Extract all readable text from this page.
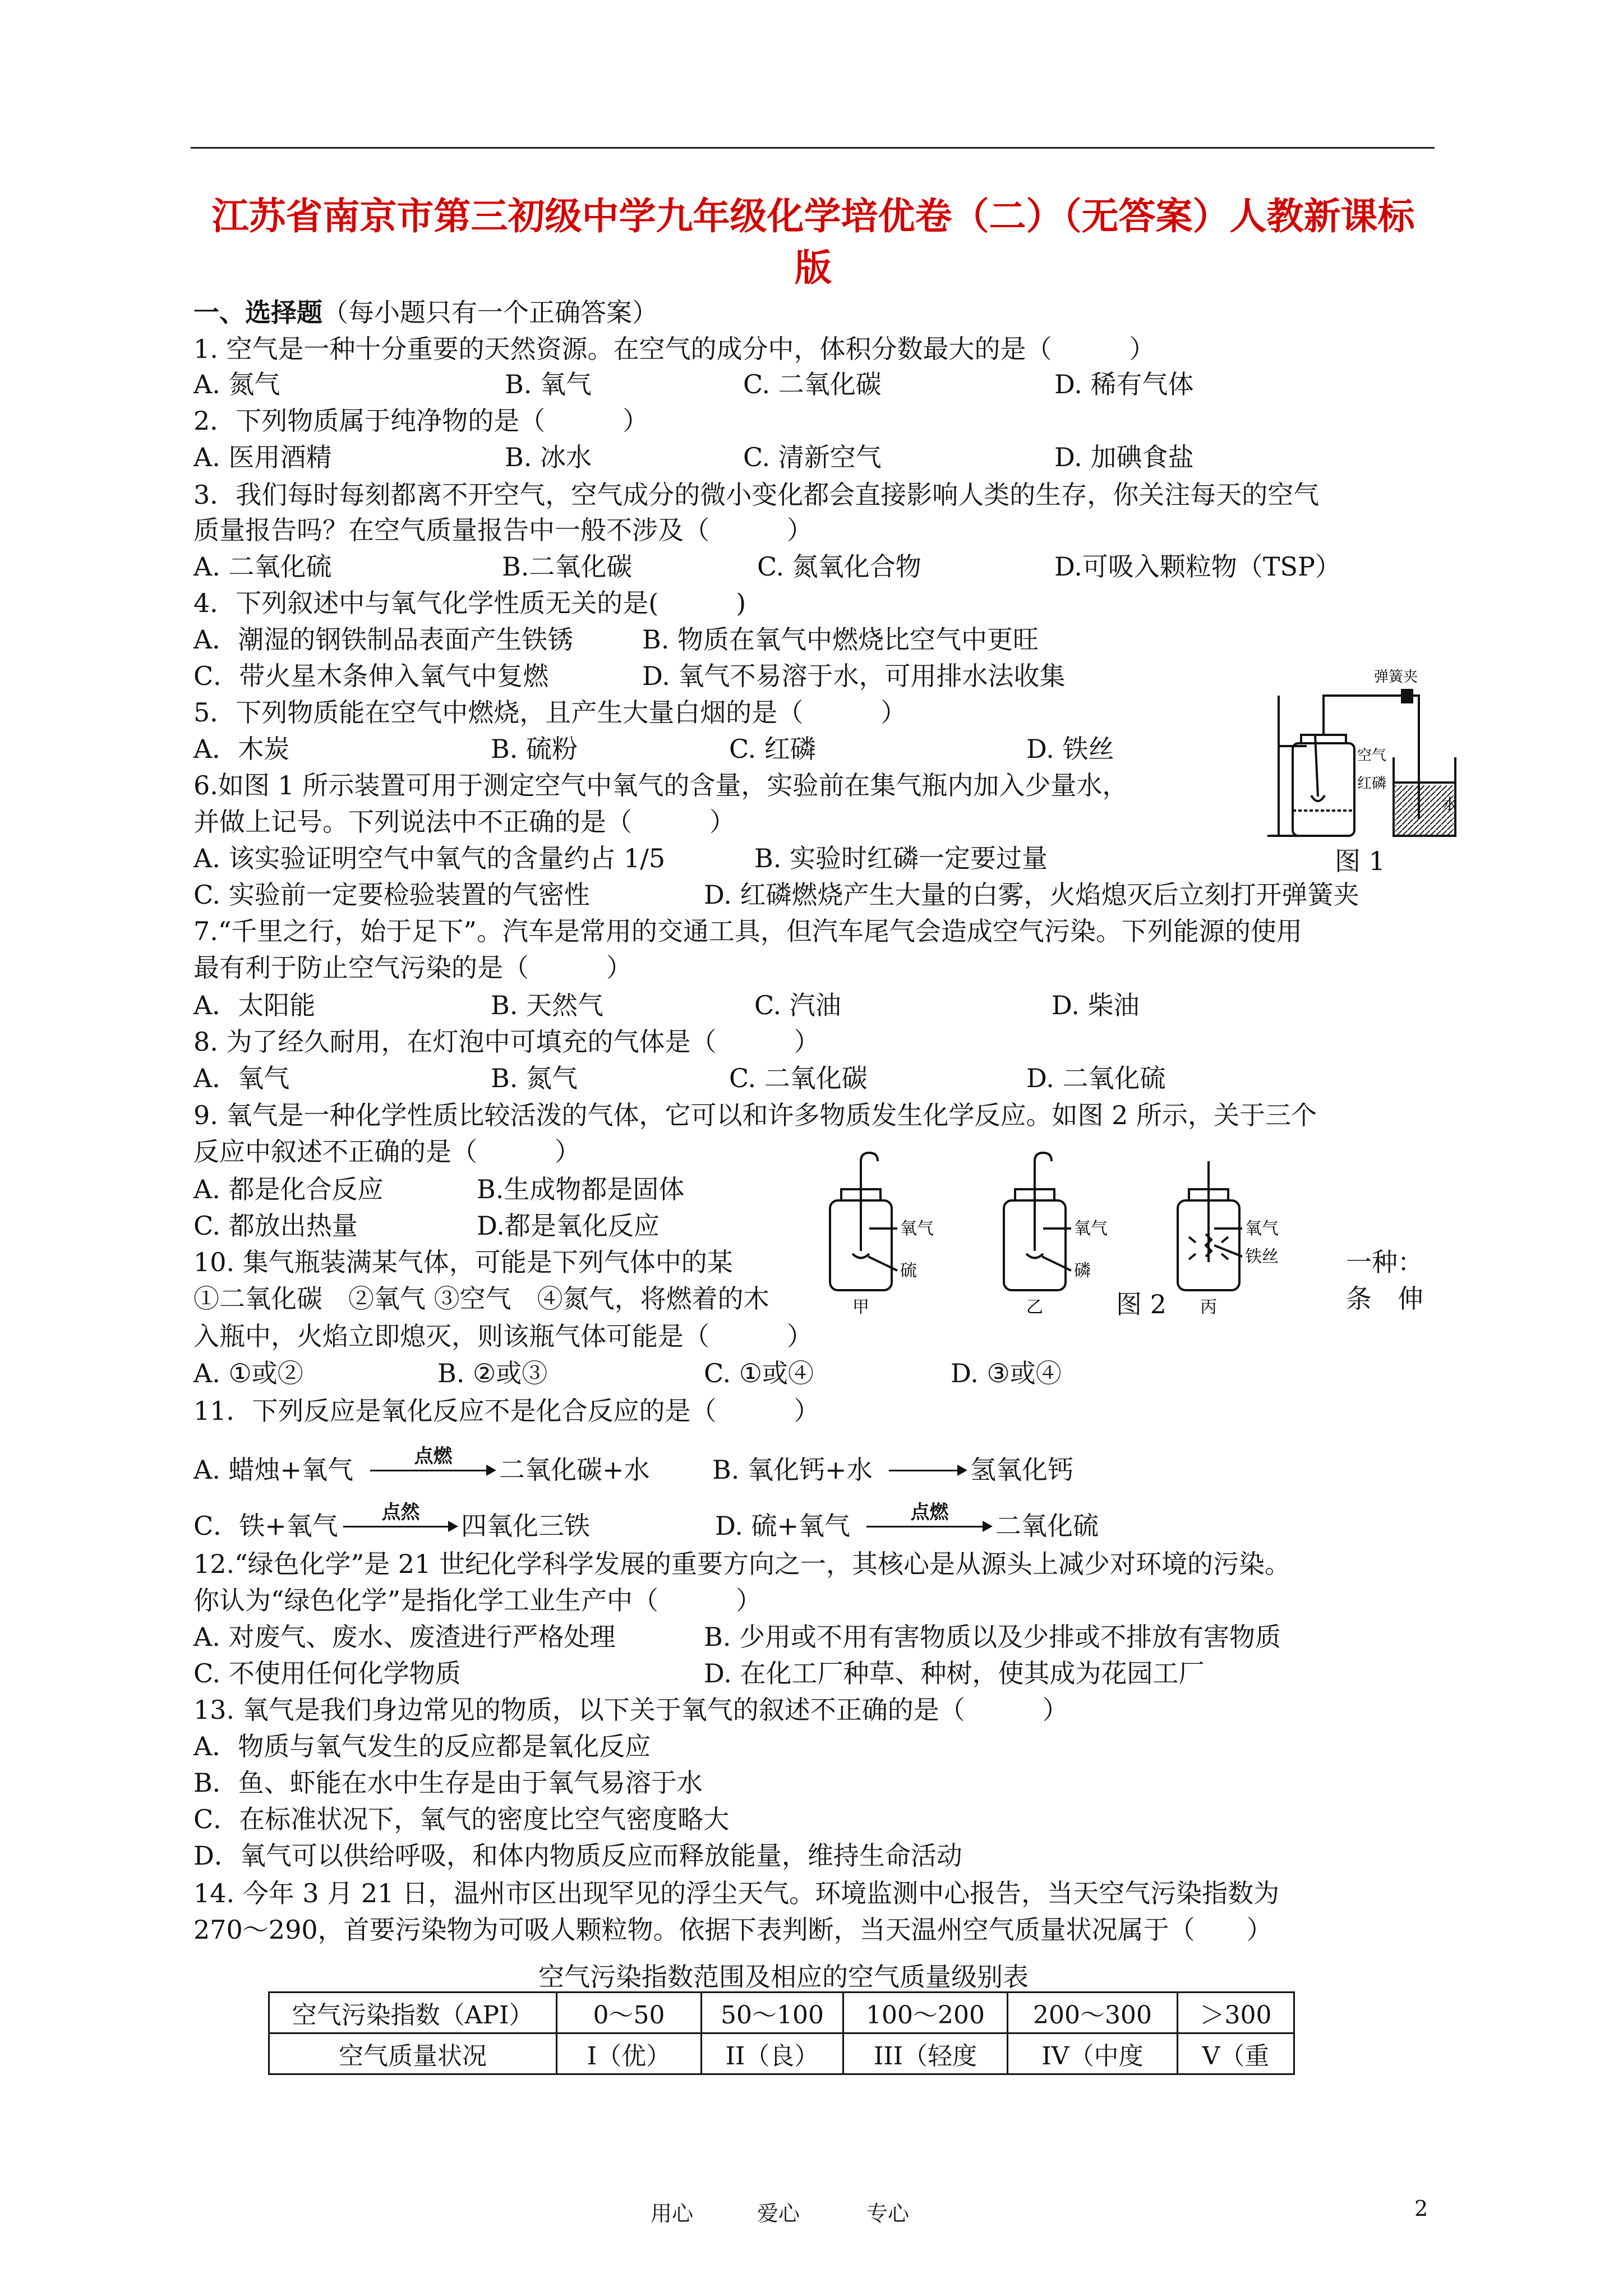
江苏省南京市第三初级中学九年级化学培优卷（二）（无答案）人教新课标
版
一、选择题（每小题只有一个正确答案）
1. 空气是一种十分重要的天然资源。在空气的成分中，体积分数最大的是（　　　）
A. 氮气	B. 氧气	C. 二氧化碳	D. 稀有气体
2．下列物质属于纯净物的是（　　　）
A. 医用酒精	B. 冰水	C. 清新空气	D. 加碘食盐
3．我们每时每刻都离不开空气，空气成分的微小变化都会直接影响人类的生存，你关注每天的空气
质量报告吗？在空气质量报告中一般不涉及（　　　）
A. 二氧化硫	B.二氧化碳	C. 氮氧化合物	D.可吸入颗粒物（TSP）
4．下列叙述中与氧气化学性质无关的是(　　　)
A．潮湿的钢铁制品表面产生铁锈	B. 物质在氧气中燃烧比空气中更旺
C．带火星木条伸入氧气中复燃	D. 氧气不易溶于水，可用排水法收集
5．下列物质能在空气中燃烧，且产生大量白烟的是（　　　）
A．木炭	B. 硫粉	C. 红磷	D. 铁丝
弹簧夹
空气
红磷
水
6.如图 1 所示装置可用于测定空气中氧气的含量，实验前在集气瓶内加入少量水，
并做上记号。下列说法中不正确的是（　　　）
A. 该实验证明空气中氧气的含量约占 1/5	B. 实验时红磷一定要过量	图 1
C. 实验前一定要检验装置的气密性	D. 红磷燃烧产生大量的白雾，火焰熄灭后立刻打开弹簧夹
7.“千里之行，始于足下”。汽车是常用的交通工具，但汽车尾气会造成空气污染。下列能源的使用
最有利于防止空气污染的是（　　　）
A．太阳能	B. 天然气	C. 汽油	D. 柴油
8. 为了经久耐用，在灯泡中可填充的气体是（　　　）
A．氧气	B. 氮气	C. 二氧化碳	D. 二氧化硫
9. 氧气是一种化学性质比较活泼的气体，它可以和许多物质发生化学反应。如图 2 所示，关于三个
反应中叙述不正确的是（　　　）
A. 都是化合反应	B.生成物都是固体
C. 都放出热量	D.都是氧化反应	氧气
硫
甲
氧气
磷
乙
氧气
铁丝
丙
10. 集气瓶装满某气体，可能是下列气体中的某	一种：
①二氧化碳　②氧气 ③空气　④氮气，将燃着的木	图 2	条　伸
入瓶中，火焰立即熄灭，则该瓶气体可能是（　　　）
A. ①或②	B. ②或③	C. ①或④	D. ③或④
11．下列反应是氧化反应不是化合反应的是（　　　）
A. 蜡烛+氧气	点燃	二氧化碳+水 B. 氧化钙+水	氢氧化钙
C．铁+氧气	点然	四氧化三铁	D. 硫+氧气	点燃	二氧化硫
12.“绿色化学”是 21 世纪化学科学发展的重要方向之一，其核心是从源头上减少对环境的污染。
你认为“绿色化学”是指化学工业生产中（　　　）
A. 对废气、废水、废渣进行严格处理	B. 少用或不用有害物质以及少排或不排放有害物质
C. 不使用任何化学物质	D. 在化工厂种草、种树，使其成为花园工厂
13. 氧气是我们身边常见的物质，以下关于氧气的叙述不正确的是（　　　）
A．物质与氧气发生的反应都是氧化反应
B．鱼、虾能在水中生存是由于氧气易溶于水
C．在标准状况下，氧气的密度比空气密度略大
D．氧气可以供给呼吸，和体内物质反应而释放能量，维持生命活动
14. 今年 3 月 21 日，温州市区出现罕见的浮尘天气。环境监测中心报告，当天空气污染指数为
270～290，首要污染物为可吸人颗粒物。依据下表判断，当天温州空气质量状况属于（　　）
空气污染指数范围及相应的空气质量级别表
空气污染指数（API）	0～50	50～100	100～200	200～300	＞300
空气质量状况	I（优）	II（良）	III（轻度	IV（中度	V（重
用心	爱心	专心	2
